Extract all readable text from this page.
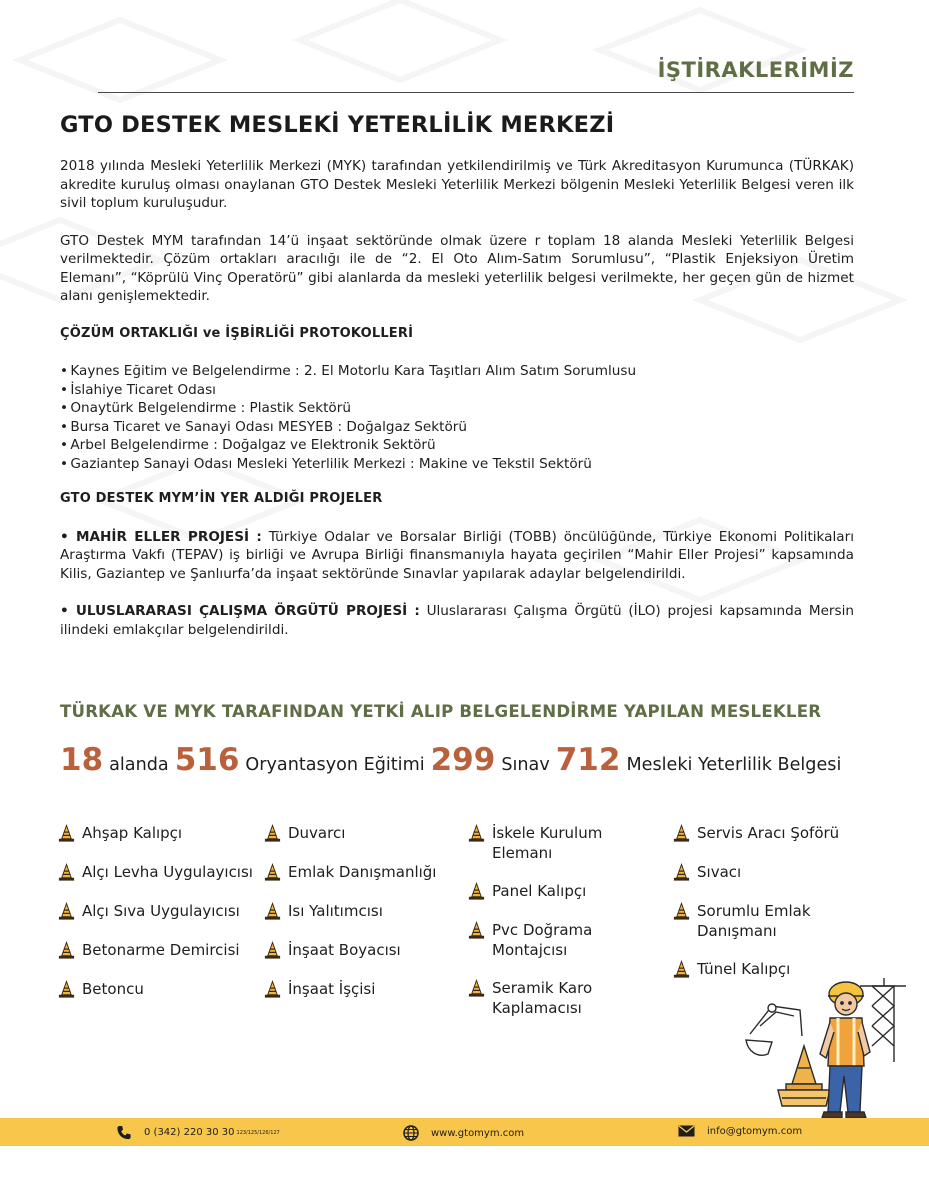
İŞTİRAKLERİMİZ
GTO DESTEK MESLEKİ YETERLİLİK MERKEZİ

2018 yılında Mesleki Yeterlilik Merkezi (MYK) tarafından yetkilendirilmiş ve Türk Akreditasyon Kurumunca (TÜRKAK) akredite kuruluş olması onaylanan GTO Destek Mesleki Yeterlilik Merkezi bölgenin Mesleki Yeterlilik Belgesi veren ilk sivil toplum kuruluşudur.

GTO Destek MYM tarafından 14’ü inşaat sektöründe olmak üzere r toplam 18 alanda Mesleki Yeterlilik Belgesi verilmektedir. Çözüm ortakları aracılığı ile de “2. El Oto Alım-Satım Sorumlusu”, “Plastik Enjeksiyon Üretim Elemanı”, “Köprülü Vinç Operatörü” gibi alanlarda da mesleki yeterlilik belgesi verilmekte, her geçen gün de hizmet alanı genişlemektedir.

ÇÖZÜM ORTAKLIĞI ve İŞBİRLİĞİ PROTOKOLLERİ

• Kaynes Eğitim ve Belgelendirme : 2. El Motorlu Kara Taşıtları Alım Satım Sorumlusu
• İslahiye Ticaret Odası
• Onaytürk Belgelendirme : Plastik Sektörü
• Bursa Ticaret ve Sanayi Odası MESYEB : Doğalgaz Sektörü
• Arbel Belgelendirme : Doğalgaz ve Elektronik Sektörü
• Gaziantep Sanayi Odası Mesleki Yeterlilik Merkezi : Makine ve Tekstil Sektörü

GTO DESTEK MYM’İN YER ALDIĞI PROJELER

• MAHİR ELLER PROJESİ : Türkiye Odalar ve Borsalar Birliği (TOBB) öncülüğünde, Türkiye Ekonomi Politikaları Araştırma Vakfı (TEPAV) iş birliği ve Avrupa Birliği finansmanıyla hayata geçirilen “Mahir Eller Projesi” kapsamında Kilis, Gaziantep ve Şanlıurfa’da inşaat sektöründe Sınavlar yapılarak adaylar belgelendirildi.

• ULUSLARARASI ÇALIŞMA ÖRGÜTÜ PROJESİ : Uluslararası Çalışma Örgütü (İLO) projesi kapsamında Mersin ilindeki emlakçılar belgelendirildi.

TÜRKAK VE MYK TARAFINDAN YETKİ ALIP BELGELENDİRME YAPILAN MESLEKLER
18 alanda 516 Oryantasyon Eğitimi 299 Sınav 712 Mesleki Yeterlilik Belgesi
Ahşap Kalıpçı
Alçı Levha Uygulayıcısı
Alçı Sıva Uygulayıcısı
Betonarme Demircisi
Betoncu
Duvarcı
Emlak Danışmanlığı
Isı Yalıtımcısı
İnşaat Boyacısı
İnşaat İşçisi
İskele Kurulum Elemanı
Panel Kalıpçı
Pvc Doğrama Montajcısı
Seramik Karo Kaplamacısı
Servis Aracı Şoförü
Sıvacı
Sorumlu Emlak Danışmanı
Tünel Kalıpçı
0 (342) 220 30 30 123/125/126/127	www.gtomym.com	info@gtomym.com
